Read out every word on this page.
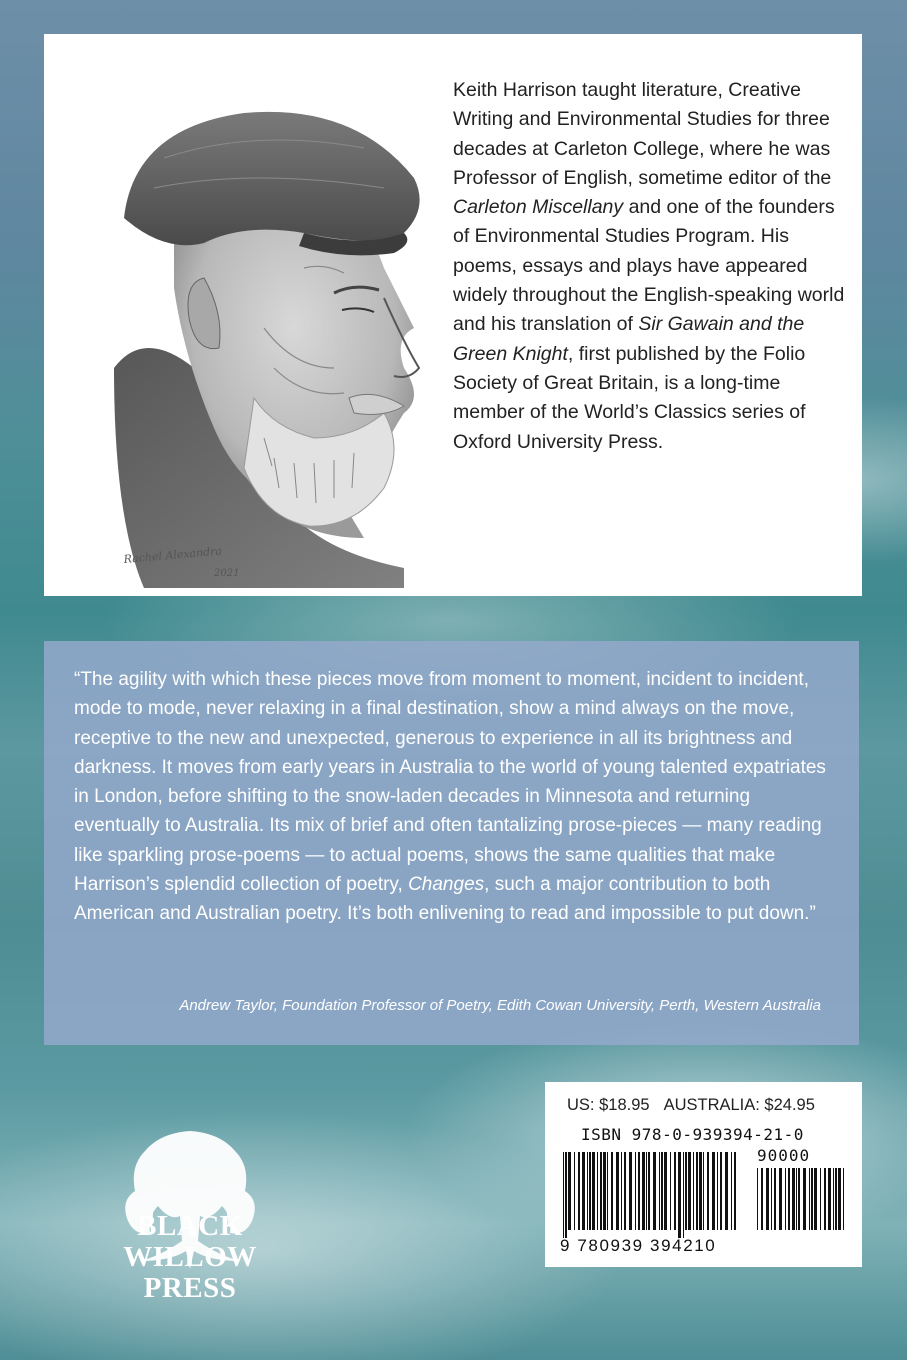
Rachel Alexandra
2021
Keith Harrison taught literature, Creative Writing and Environmental Studies for three decades at Carleton College, where he was Professor of English, sometime editor of the Carleton Miscellany and one of the founders of Environmental Studies Program. His poems, essays and plays have appeared widely throughout the English-speaking world and his translation of Sir Gawain and the Green Knight, first published by the Folio Society of Great Britain, is a long-time member of the World’s Classics series of Oxford University Press.
“The agility with which these pieces move from moment to moment, incident to incident, mode to mode, never relaxing in a final destination, show a mind always on the move, receptive to the new and unexpected, generous to experience in all its brightness and darkness. It moves from early years in Australia to the world of young talented expatriates in London, before shifting to the snow-laden decades in Minnesota and returning eventually to Australia. Its mix of brief and often tantalizing prose-pieces — many reading like sparkling prose-poems — to actual poems, shows the same qualities that make Harrison’s splendid collection of poetry, Changes, such a major contribution to both American and Australian poetry. It’s both enlivening to read and impossible to put down.”
Andrew Taylor, Foundation Professor of Poetry, Edith Cowan University, Perth, Western Australia
BLACK
WILLOW
PRESS
US: $18.95 AUSTRALIA: $24.95
ISBN 978-0-939394-21-0
90000
9 780939 394210
